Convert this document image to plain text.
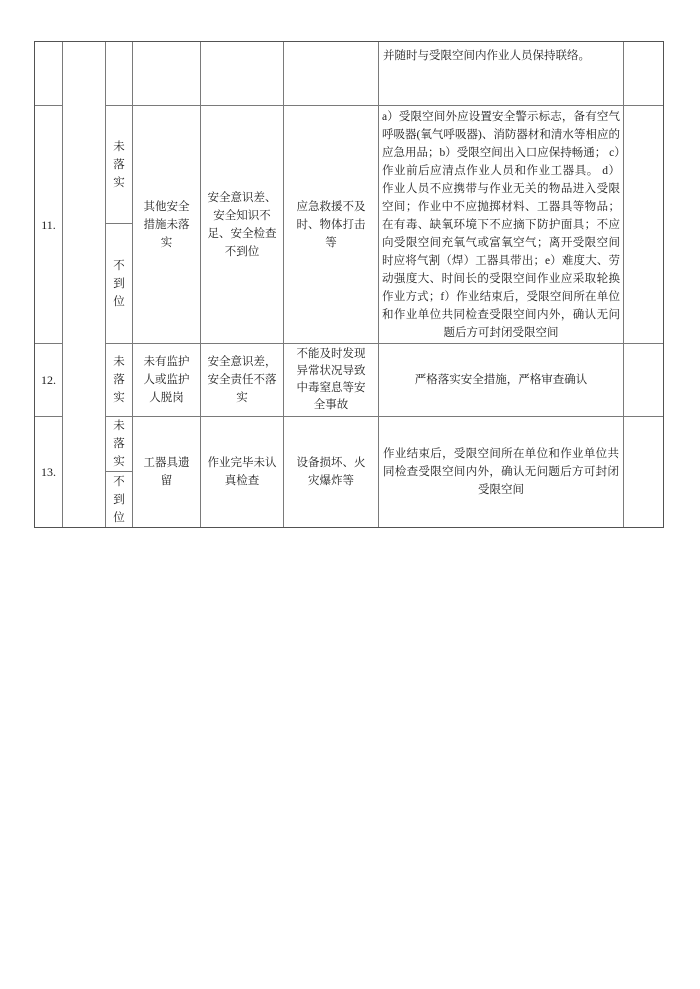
并随时与受限空间内作业人员保持联络。
11.
未落实
不到位
其他安全措施未落实
安全意识差、安全知识不足、安全检查不到位
应急救援不及时、物体打击等
a）受限空间外应设置安全警示标志，备有空气呼吸器(氧气呼吸器)、消防器材和清水等相应的应急用品；b）受限空间出入口应保持畅通； c）作业前后应清点作业人员和作业工器具。 d）作业人员不应携带与作业无关的物品进入受限空间；作业中不应抛掷材料、工器具等物品；在有毒、缺氧环境下不应摘下防护面具；不应向受限空间充氧气或富氧空气；离开受限空间时应将气割（焊）工器具带出；e）难度大、劳动强度大、时间长的受限空间作业应采取轮换作业方式；f）作业结束后，受限空间所在单位和作业单位共同检查受限空间内外，确认无问题后方可封闭受限空间
12.
未落实
未有监护人或监护人脱岗
安全意识差，安全责任不落实
不能及时发现异常状况导致中毒窒息等安全事故
严格落实安全措施，严格审查确认
13.
未落实
不到位
工器具遗留
作业完毕未认真检查
设备损坏、火灾爆炸等
作业结束后，受限空间所在单位和作业单位共同检查受限空间内外，确认无问题后方可封闭受限空间
